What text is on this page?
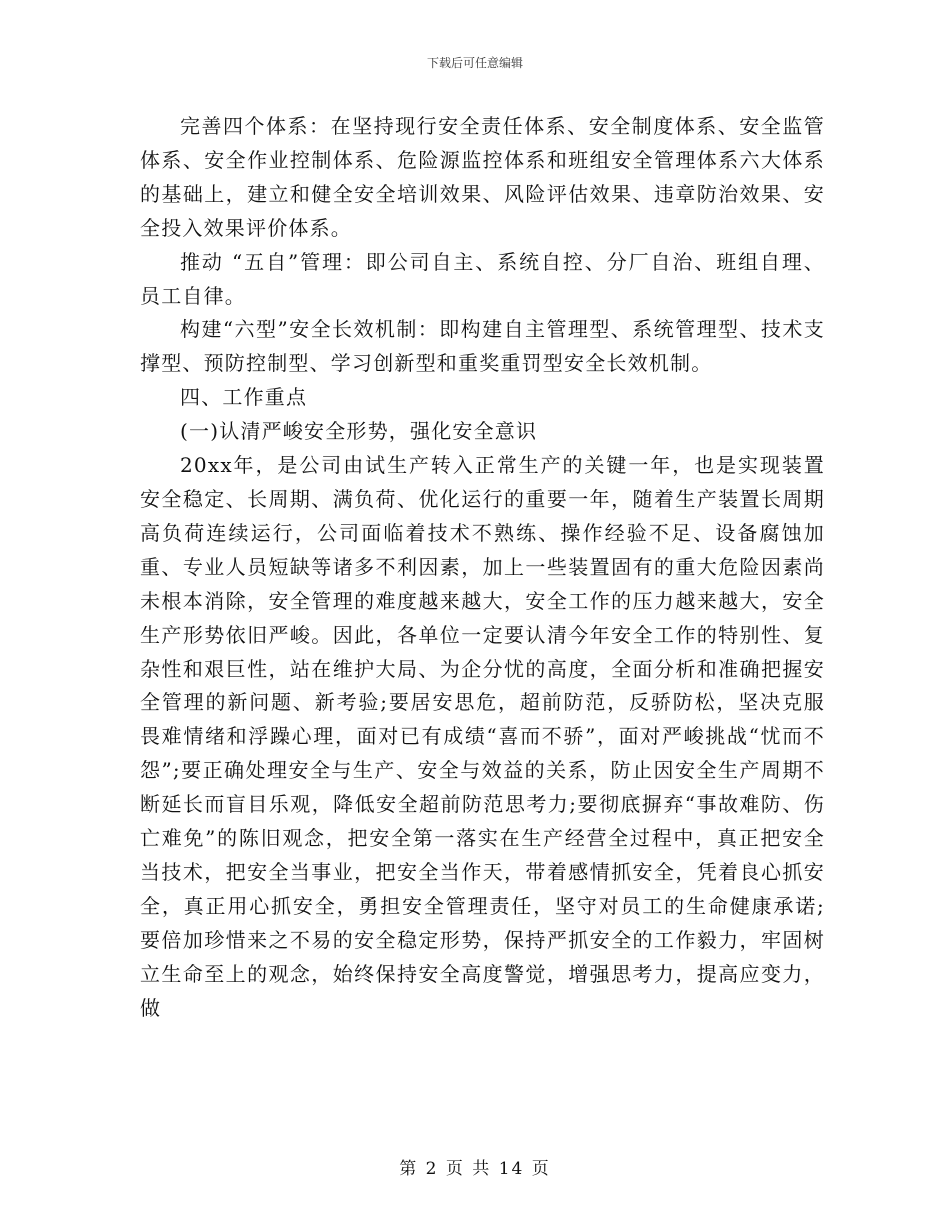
下载后可任意编辑

完善四个体系：在坚持现行安全责任体系、安全制度体系、安全监管体系、安全作业控制体系、危险源监控体系和班组安全管理体系六大体系的基础上，建立和健全安全培训效果、风险评估效果、违章防治效果、安全投入效果评价体系。

推动 “五自”管理：即公司自主、系统自控、分厂自治、班组自理、员工自律。

构建“六型”安全长效机制：即构建自主管理型、系统管理型、技术支撑型、预防控制型、学习创新型和重奖重罚型安全长效机制。

四、工作重点

(一)认清严峻安全形势，强化安全意识

20xx年，是公司由试生产转入正常生产的关键一年，也是实现装置安全稳定、长周期、满负荷、优化运行的重要一年，随着生产装置长周期高负荷连续运行，公司面临着技术不熟练、操作经验不足、设备腐蚀加重、专业人员短缺等诸多不利因素，加上一些装置固有的重大危险因素尚未根本消除，安全管理的难度越来越大，安全工作的压力越来越大，安全生产形势依旧严峻。因此，各单位一定要认清今年安全工作的特别性、复杂性和艰巨性，站在维护大局、为企分忧的高度，全面分析和准确把握安全管理的新问题、新考验;要居安思危，超前防范，反骄防松，坚决克服畏难情绪和浮躁心理，面对已有成绩“喜而不骄”，面对严峻挑战“忧而不怨”;要正确处理安全与生产、安全与效益的关系，防止因安全生产周期不断延长而盲目乐观，降低安全超前防范思考力;要彻底摒弃“事故难防、伤亡难免”的陈旧观念，把安全第一落实在生产经营全过程中，真正把安全当技术，把安全当事业，把安全当作天，带着感情抓安全，凭着良心抓安全，真正用心抓安全，勇担安全管理责任，坚守对员工的生命健康承诺;要倍加珍惜来之不易的安全稳定形势，保持严抓安全的工作毅力，牢固树立生命至上的观念，始终保持安全高度警觉，增强思考力，提高应变力，做

第 2 页 共 14 页
